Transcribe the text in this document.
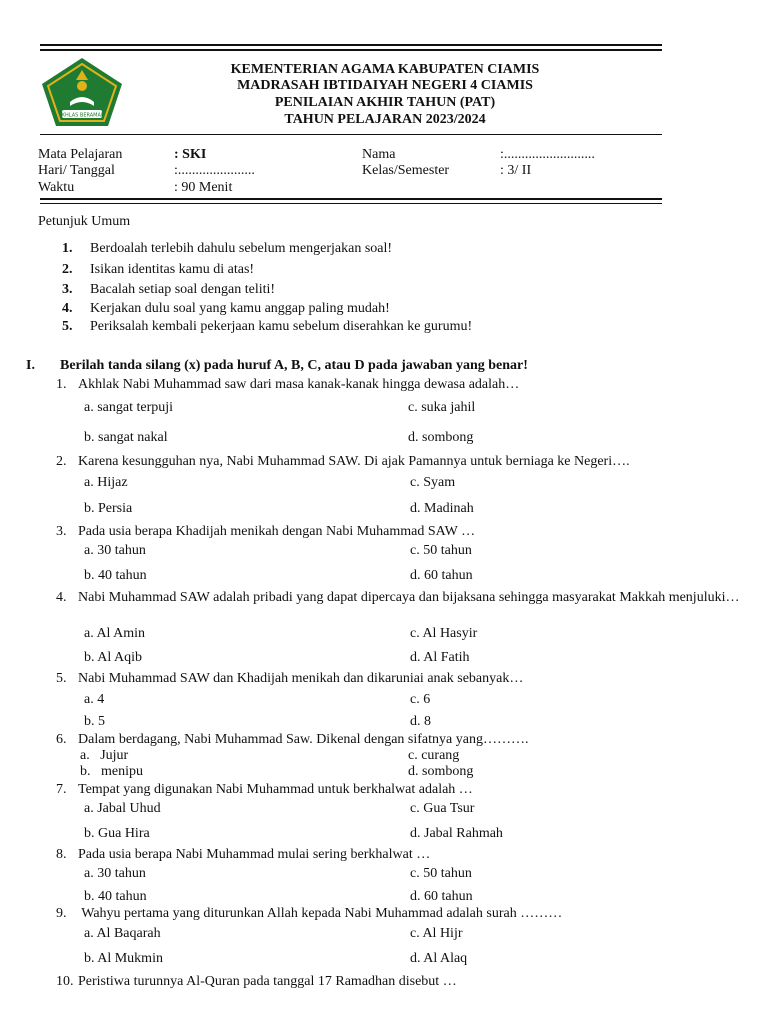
IKHLAS BERAMAL
KEMENTERIAN AGAMA KABUPATEN CIAMIS
MADRASAH IBTIDAIYAH NEGERI 4 CIAMIS
PENILAIAN AKHIR TAHUN (PAT)
TAHUN PELAJARAN 2023/2024
Mata Pelajaran	: SKI
Hari/ Tanggal	:......................
Waktu	: 90 Menit
Nama	:..........................
Kelas/Semester	: 3/ II
Petunjuk Umum
1. Berdoalah terlebih dahulu sebelum mengerjakan soal!
2. Isikan identitas kamu di atas!
3. Bacalah setiap soal dengan teliti!
4. Kerjakan dulu soal yang kamu anggap paling mudah!
5. Periksalah kembali pekerjaan kamu sebelum diserahkan ke gurumu!
I. Berilah tanda silang (x) pada huruf A, B, C, atau D pada jawaban yang benar!
1. Akhlak Nabi Muhammad saw dari masa kanak-kanak hingga dewasa adalah…
a. sangat terpuji	c. suka jahil
b. sangat nakal	d. sombong
2. Karena kesungguhan nya, Nabi Muhammad SAW. Di ajak Pamannya untuk berniaga ke Negeri….
a. Hijaz	c. Syam
b. Persia	d. Madinah
3. Pada usia berapa Khadijah menikah dengan Nabi Muhammad SAW …
a. 30 tahun	c. 50 tahun
b. 40 tahun	d. 60 tahun
4. Nabi Muhammad SAW adalah pribadi yang dapat dipercaya dan bijaksana sehingga masyarakat Makkah menjuluki…
a. Al Amin	c. Al Hasyir
b. Al Aqib	d. Al Fatih
5. Nabi Muhammad SAW dan Khadijah menikah dan dikaruniai anak sebanyak…
a. 4	c. 6
b. 5	d. 8
6. Dalam berdagang, Nabi Muhammad Saw. Dikenal dengan sifatnya yang……….
a.   Jujur	c. curang
b.   menipu	d. sombong
7. Tempat yang digunakan Nabi Muhammad untuk berkhalwat adalah …
a. Jabal Uhud	c. Gua Tsur
b. Gua Hira	d. Jabal Rahmah
8. Pada usia berapa Nabi Muhammad mulai sering berkhalwat …
a. 30 tahun	c. 50 tahun
b. 40 tahun	d. 60 tahun
9. Wahyu pertama yang diturunkan Allah kepada Nabi Muhammad adalah surah ………
a. Al Baqarah	c. Al Hijr
b. Al Mukmin	d. Al Alaq
10. Peristiwa turunnya Al-Quran pada tanggal 17 Ramadhan disebut …
